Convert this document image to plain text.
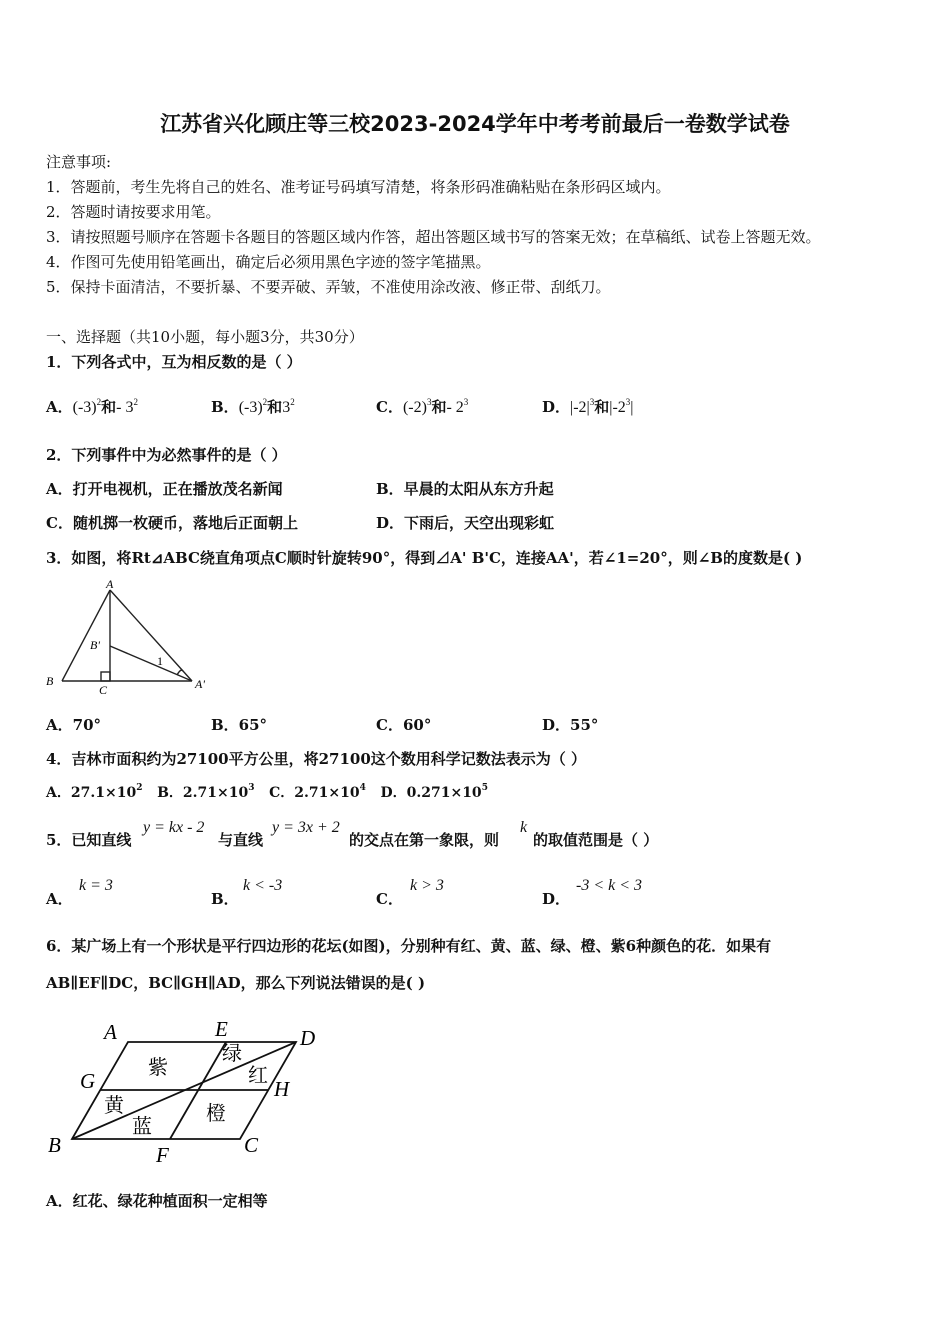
江苏省兴化顾庄等三校2023-2024学年中考考前最后一卷数学试卷
注意事项:
1．答题前，考生先将自己的姓名、准考证号码填写清楚，将条形码准确粘贴在条形码区域内。
2．答题时请按要求用笔。
3．请按照题号顺序在答题卡各题目的答题区域内作答，超出答题区域书写的答案无效；在草稿纸、试卷上答题无效。
4．作图可先使用铅笔画出，确定后必须用黑色字迹的签字笔描黑。
5．保持卡面清洁，不要折暴、不要弄破、弄皱，不准使用涂改液、修正带、刮纸刀。
一、选择题（共10小题，每小题3分，共30分）
1．下列各式中，互为相反数的是（ ）
A．$(-3)^2$和- $3^2$	B．$(-3)^2$和$3^2$	C．$(-2)^3$和- $2^3$	D．$|-2|^3$和$|-2^3|$
2．下列事件中为必然事件的是（ ）
A．打开电视机，正在播放茂名新闻	B．早晨的太阳从东方升起
C．随机掷一枚硬币，落地后正面朝上	D．下雨后，天空出现彩虹
3．如图，将Rt⊿ABC绕直角项点C顺时针旋转90°，得到⊿A' B'C，连接AA'，若∠1=20°，则∠B的度数是( )
A
B
C
B'
A'
1
A．70°	B．65°	C．60°	D．55°
4．吉林市面积约为27100平方公里，将27100这个数用科学记数法表示为（ ）
A．$27.1\times 10^2$ B．$2.71\times 10^3$ C．$2.71\times 10^4$ D．$0.271\times 10^5$
5．已知直线
y = kx - 2
与直线
y = 3x + 2
的交点在第一象限，则
k
的取值范围是（ ）
A．
k = 3
B．
k < -3
C．
k > 3
D．
-3 < k < 3
6．某广场上有一个形状是平行四边形的花坛(如图)，分别种有红、黄、蓝、绿、橙、紫6种颜色的花．如果有
AB∥EF∥DC，BC∥GH∥AD，那么下列说法错误的是( )
A	E	D
G	H
B	F	C
紫
绿
红
黄
蓝
橙
A．红花、绿花种植面积一定相等
